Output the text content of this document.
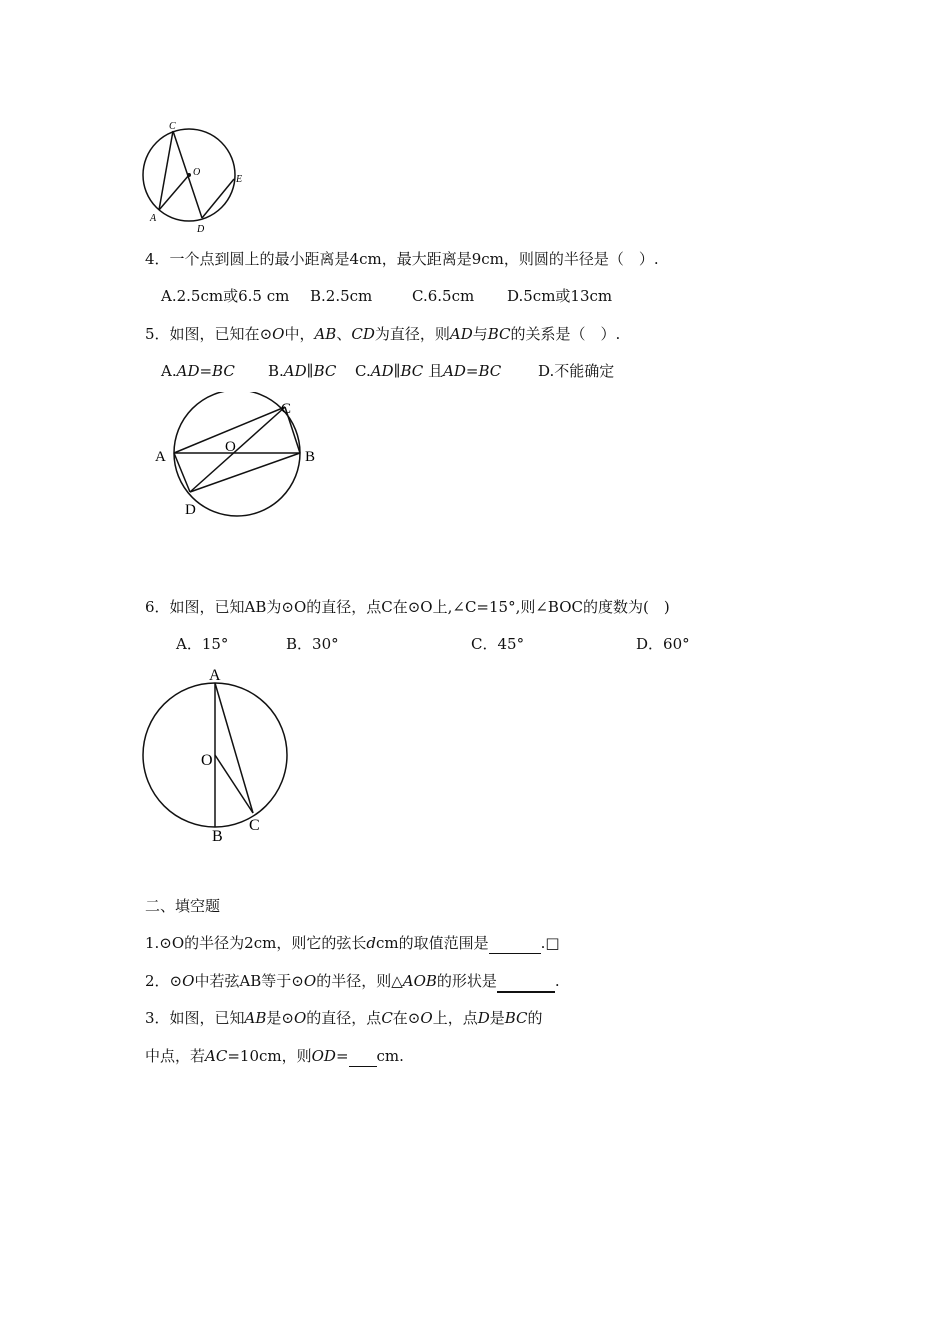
C
O
E
A
D
4．一个点到圆上的最小距离是4cm，最大距离是9cm，则圆的半径是（　）.
A.2.5cm或6.5 cm B.2.5cm	C.6.5cm D.5cm或13cm
5．如图，已知在⊙O中，AB、CD为直径，则AD与BC的关系是（　）.
A.AD=BC B.AD∥BC C.AD∥BC 且AD=BC D.不能确定
A
O
B
C
D
6．如图，已知AB为⊙O的直径，点C在⊙O上,∠C=15°,则∠BOC的度数为(　)
A．15°	B．30°	C．45°	D．60°
A
O
B
C
二、填空题
1.⊙O的半径为2cm，则它的弦长dcm的取值范围是	.□
2．⊙O中若弦AB等于⊙O的半径，则△AOB的形状是	.
3．如图，已知AB是⊙O的直径，点C在⊙O上，点D是BC的
中点，若AC=10cm，则OD= cm.
